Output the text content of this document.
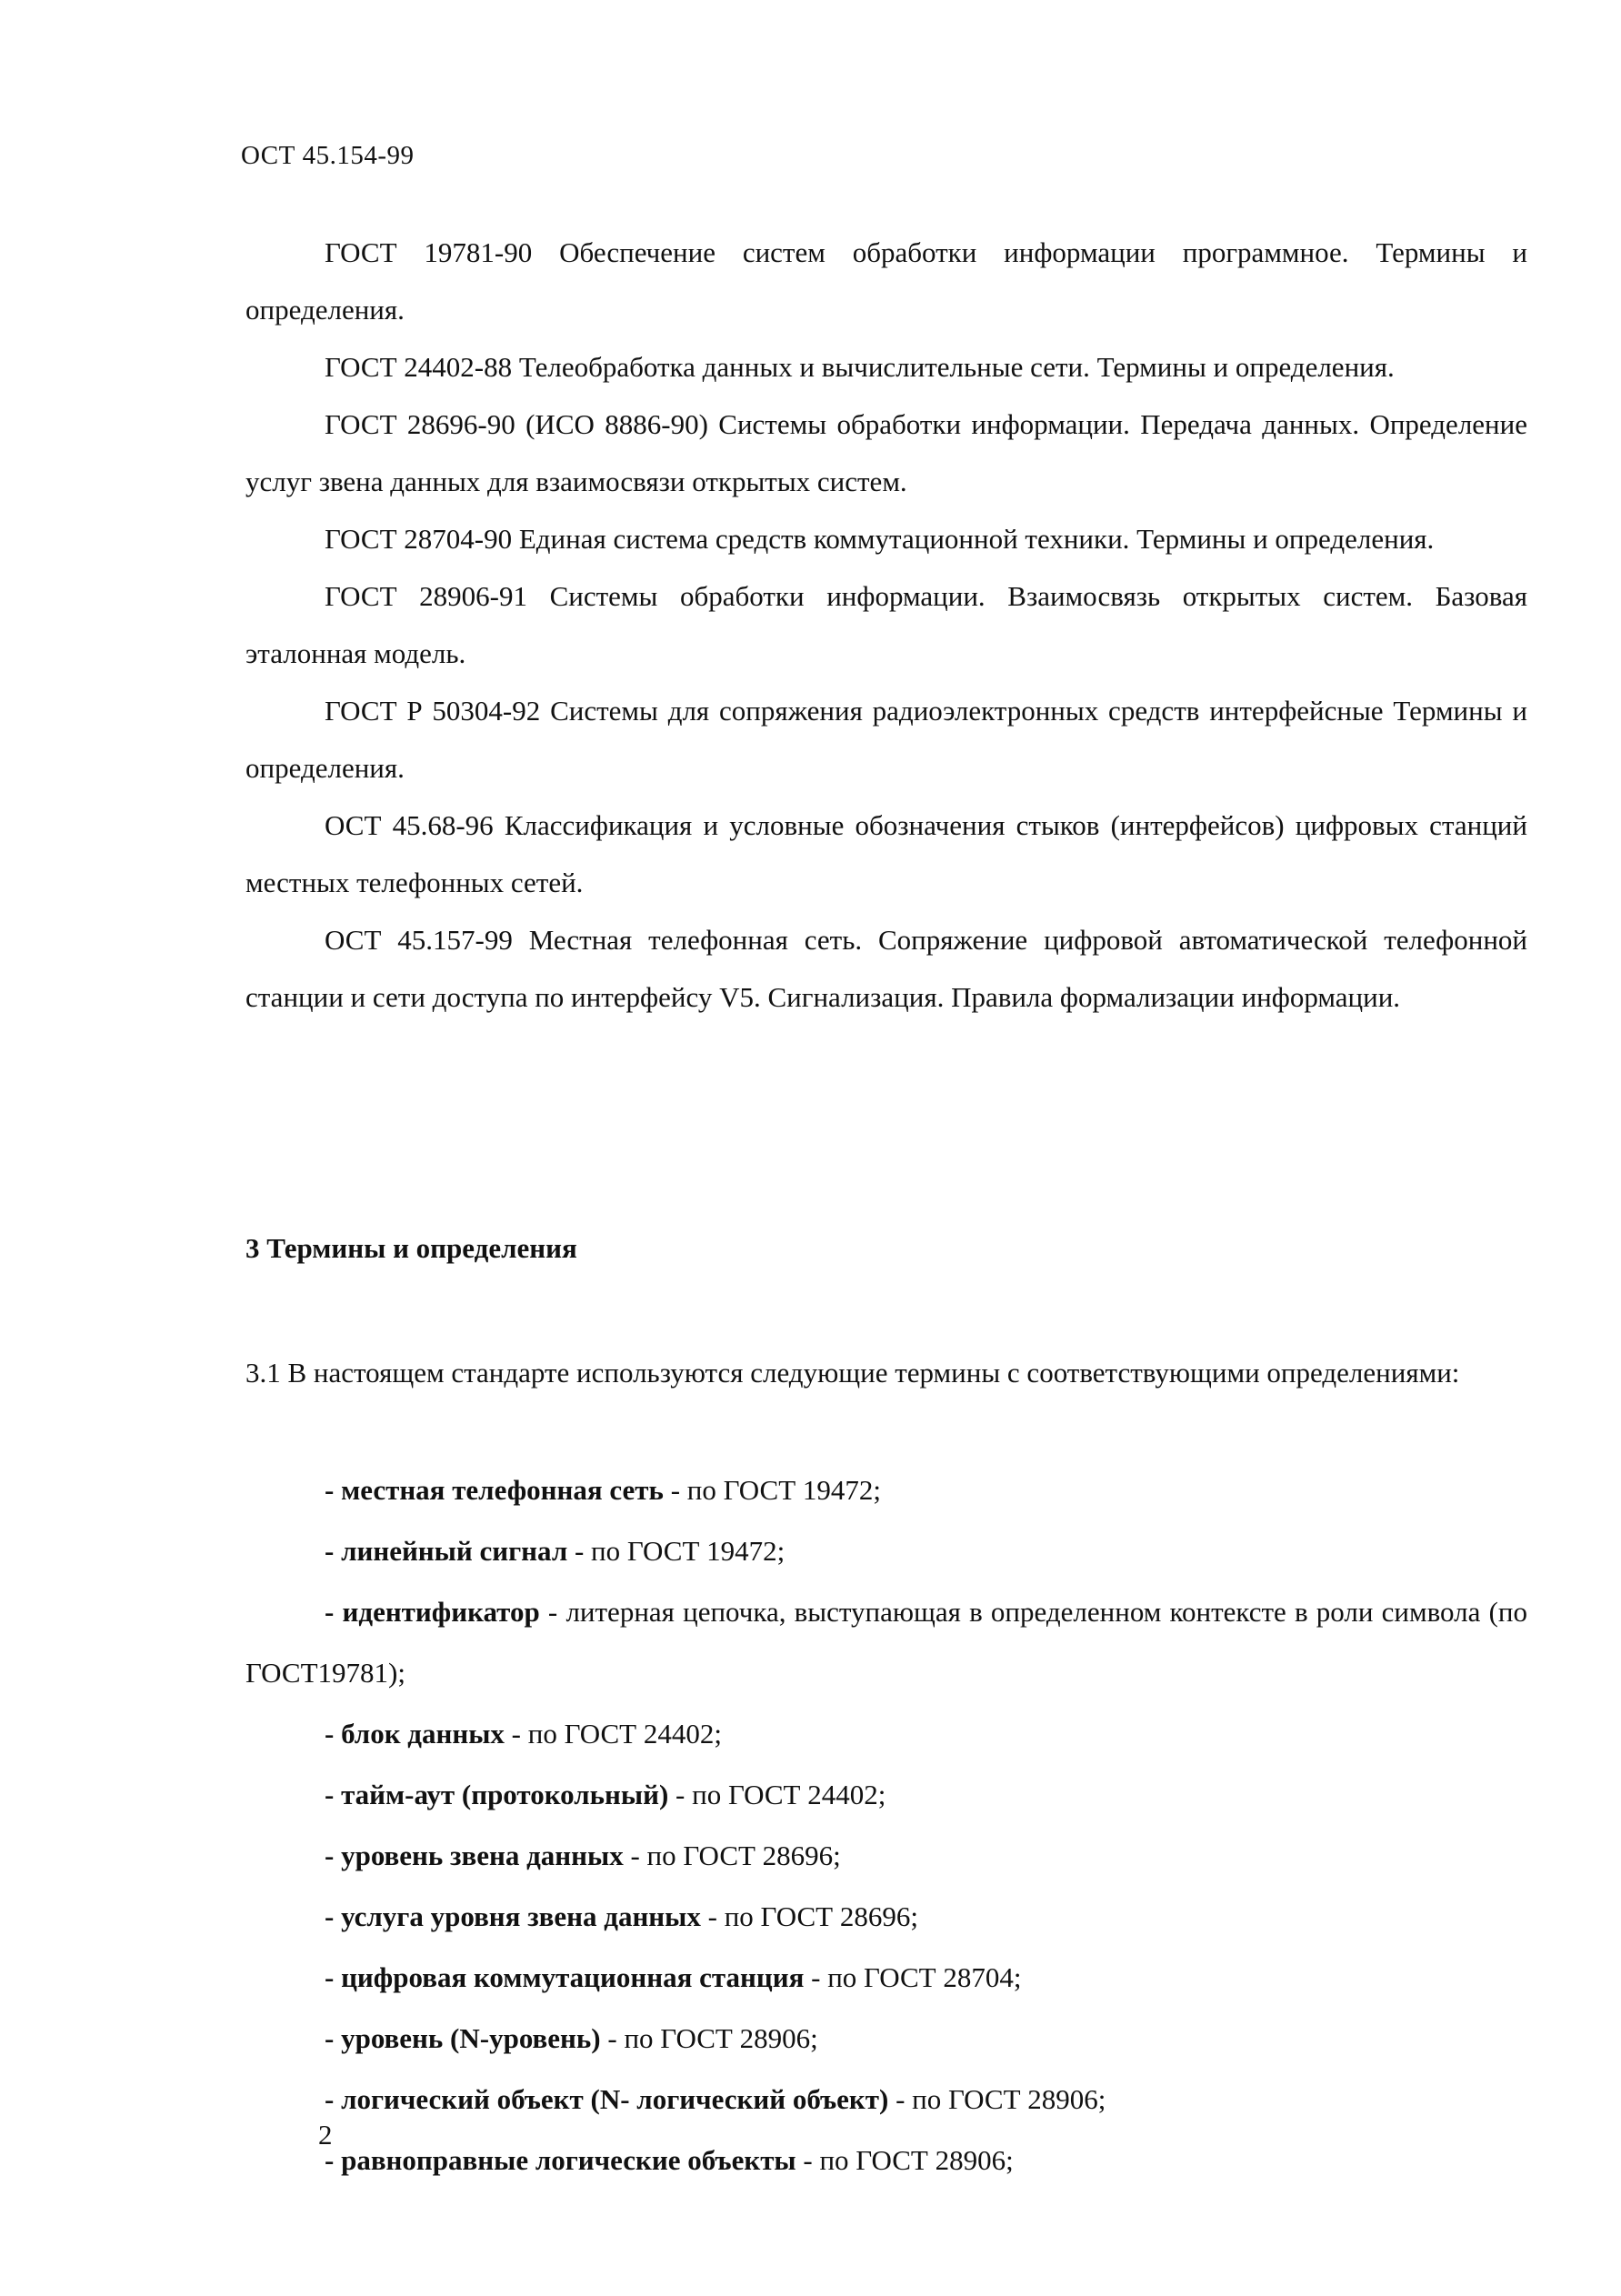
ОСТ 45.154-99

ГОСТ 19781-90 Обеспечение систем обработки информации программное. Термины и определения.

ГОСТ 24402-88 Телеобработка данных и вычислительные сети. Термины и определения.

ГОСТ 28696-90 (ИСО 8886-90) Системы обработки информации. Передача данных. Определение услуг звена данных для взаимосвязи открытых систем.

ГОСТ 28704-90 Единая система средств коммутационной техники. Термины и определения.

ГОСТ 28906-91 Системы обработки информации. Взаимосвязь открытых систем. Базовая эталонная модель.

ГОСТ Р 50304-92 Системы для сопряжения радиоэлектронных средств интерфейсные Термины и определения.

ОСТ 45.68-96 Классификация и условные обозначения стыков (интерфейсов) цифровых станций местных телефонных сетей.

ОСТ 45.157-99 Местная телефонная сеть. Сопряжение цифровой автоматической телефонной станции и сети доступа по интерфейсу V5. Сигнализация. Правила формализации информации.

3 Термины и определения

3.1 В настоящем стандарте используются следующие термины с соответствующими определениями:

- местная телефонная сеть - по ГОСТ 19472;
- линейный сигнал - по ГОСТ 19472;
- идентификатор - литерная цепочка, выступающая в определенном контексте в роли символа (по ГОСТ19781);
- блок данных - по ГОСТ 24402;
- тайм-аут (протокольный) - по ГОСТ 24402;
- уровень звена данных - по ГОСТ 28696;
- услуга уровня звена данных - по ГОСТ 28696;
- цифровая коммутационная станция - по ГОСТ 28704;
- уровень (N-уровень) - по ГОСТ 28906;
- логический объект (N- логический объект) - по ГОСТ 28906;
- равноправные логические объекты - по ГОСТ 28906;
2
